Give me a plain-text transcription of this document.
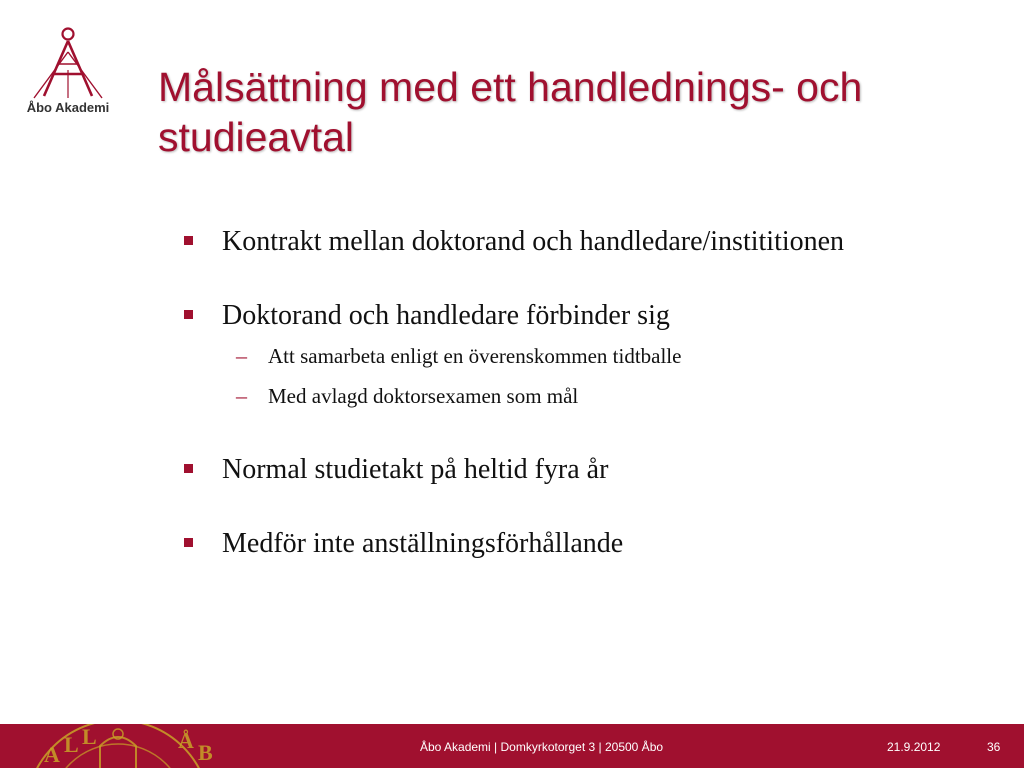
Åbo Akademi Målsättning med ett handlednings- och studieavtal
Kontrakt mellan doktorand och handledare/instititionen
Doktorand och handledare förbinder sig
– Att samarbeta enligt en överenskommen tidtballe
– Med avlagd doktorsexamen som mål
Normal studietakt på heltid fyra år
Medför inte anställningsförhållande
A L L	Å B	Åbo Akademi | Domkyrkotorget 3 | 20500 Åbo	21.9.2012	36
